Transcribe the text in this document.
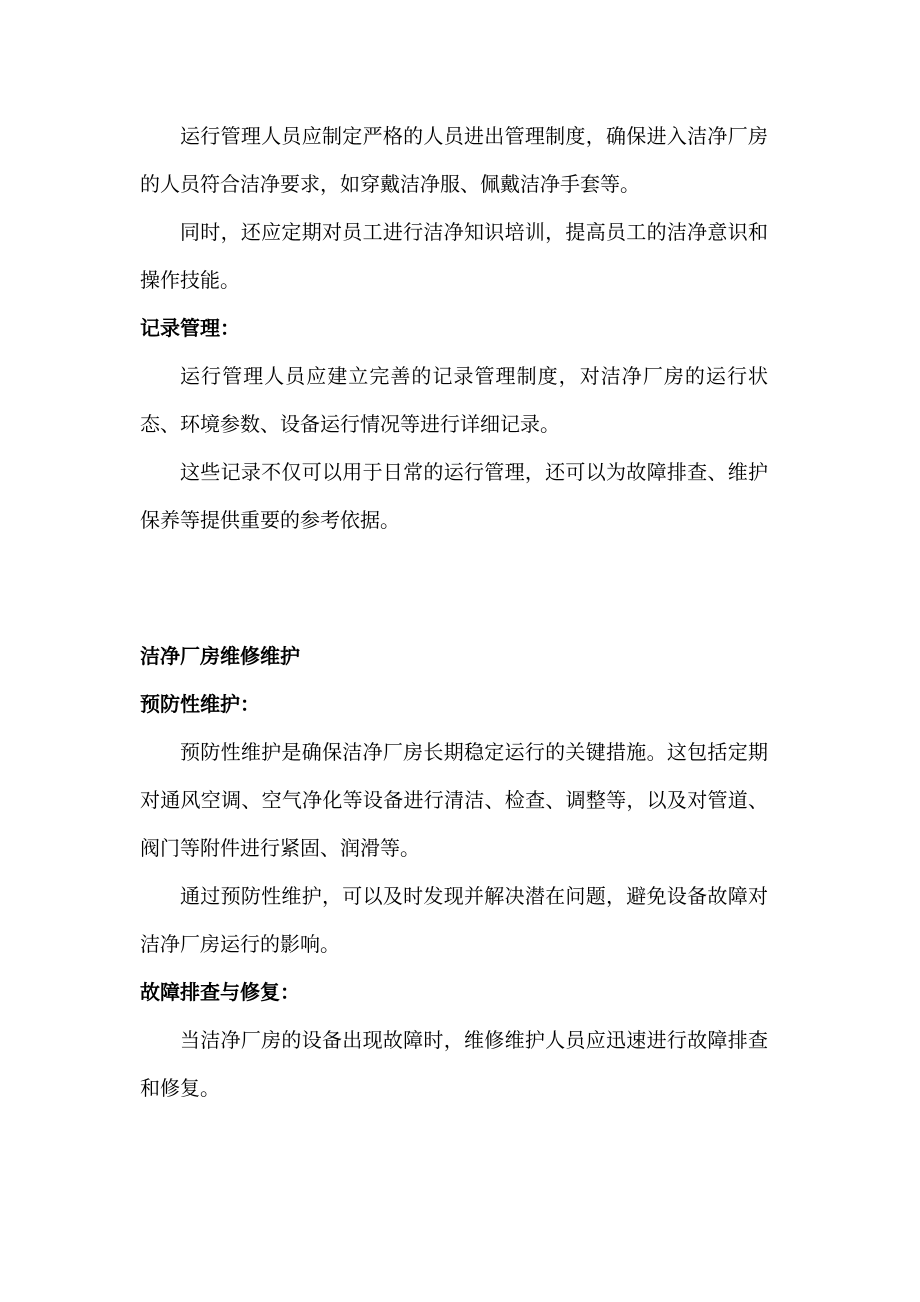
运行管理人员应制定严格的人员进出管理制度，确保进入洁净厂房的人员符合洁净要求，如穿戴洁净服、佩戴洁净手套等。

同时，还应定期对员工进行洁净知识培训，提高员工的洁净意识和操作技能。

记录管理：

运行管理人员应建立完善的记录管理制度，对洁净厂房的运行状态、环境参数、设备运行情况等进行详细记录。

这些记录不仅可以用于日常的运行管理，还可以为故障排查、维护保养等提供重要的参考依据。

洁净厂房维修维护

预防性维护：

预防性维护是确保洁净厂房长期稳定运行的关键措施。这包括定期对通风空调、空气净化等设备进行清洁、检查、调整等，以及对管道、阀门等附件进行紧固、润滑等。

通过预防性维护，可以及时发现并解决潜在问题，避免设备故障对洁净厂房运行的影响。

故障排查与修复：

当洁净厂房的设备出现故障时，维修维护人员应迅速进行故障排查和修复。
